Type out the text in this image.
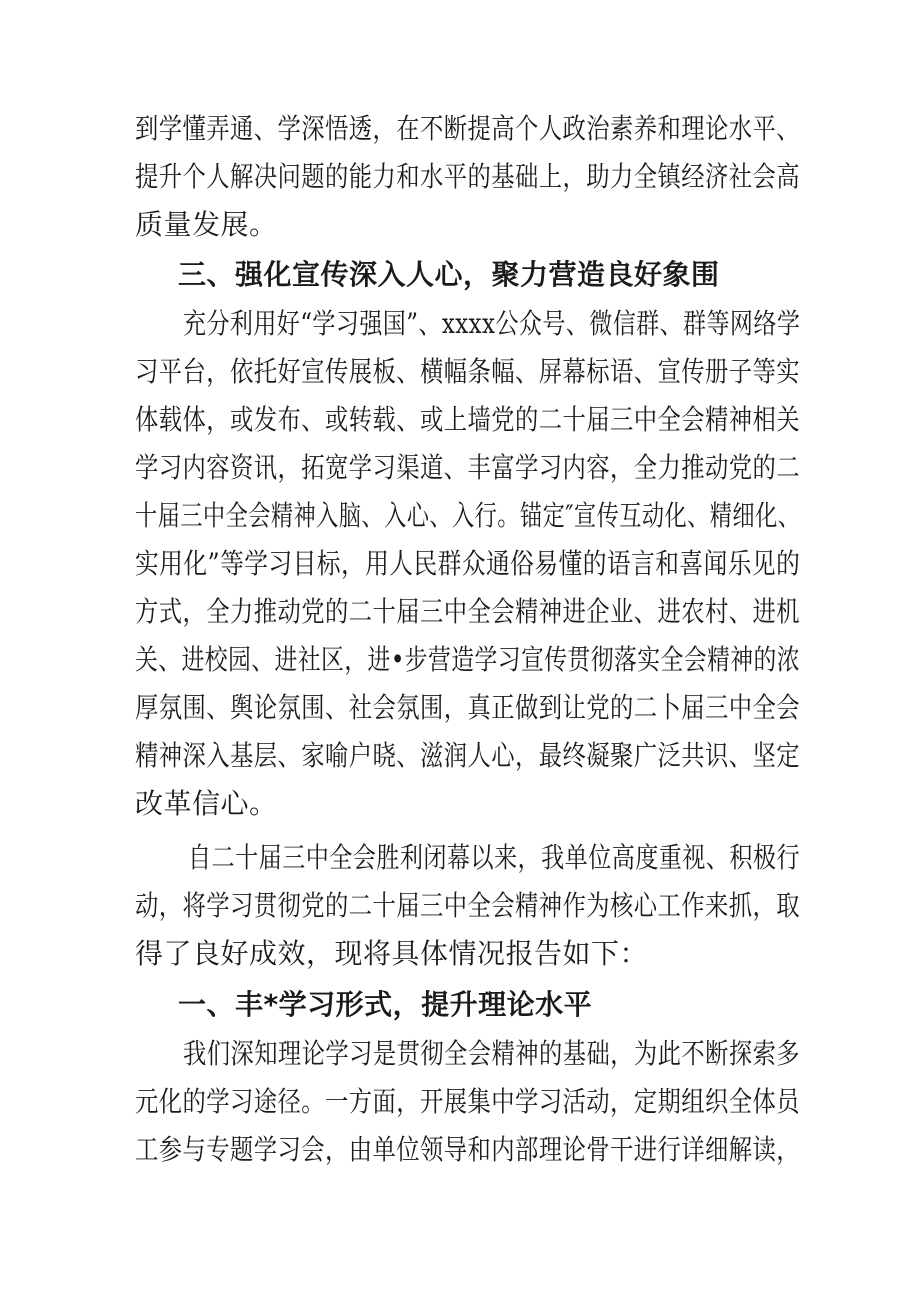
到学懂弄通、学深悟透，在不断提高个人政治素养和理论水平、
提升个人解决问题的能力和水平的基础上，助力全镇经济社会高
质量发展。
三、强化宣传深入人心，聚力营造良好象围
充分利用好“学习强国”、xxxx公众号、微信群、群等网络学
习平台，依托好宣传展板、横幅条幅、屏幕标语、宣传册子等实
体载体，或发布、或转载、或上墙党的二十届三中全会精神相关
学习内容资讯，拓宽学习渠道、丰富学习内容，全力推动党的二
十届三中全会精神入脑、入心、入行。锚定″宣传互动化、精细化、
实用化”等学习目标，用人民群众通俗易懂的语言和喜闻乐见的
方式，全力推动党的二十届三中全会精神进企业、进农村、进机
关、进校园、进社区，进•步营造学习宣传贯彻落实全会精神的浓
厚氛围、舆论氛围、社会氛围，真正做到让党的二卜届三中全会
精神深入基层、家喻户晓、滋润人心，最终凝聚广泛共识、坚定
改革信心。
自二十届三中全会胜利闭幕以来，我单位高度重视、积极行
动，将学习贯彻党的二十届三中全会精神作为核心工作来抓，取
得了良好成效，现将具体情况报告如下：
一、丰*学习形式，提升理论水平
我们深知理论学习是贯彻全会精神的基础，为此不断探索多
元化的学习途径。一方面，开展集中学习活动，定期组织全体员
工参与专题学习会，由单位领导和内部理论骨干进行详细解读，
